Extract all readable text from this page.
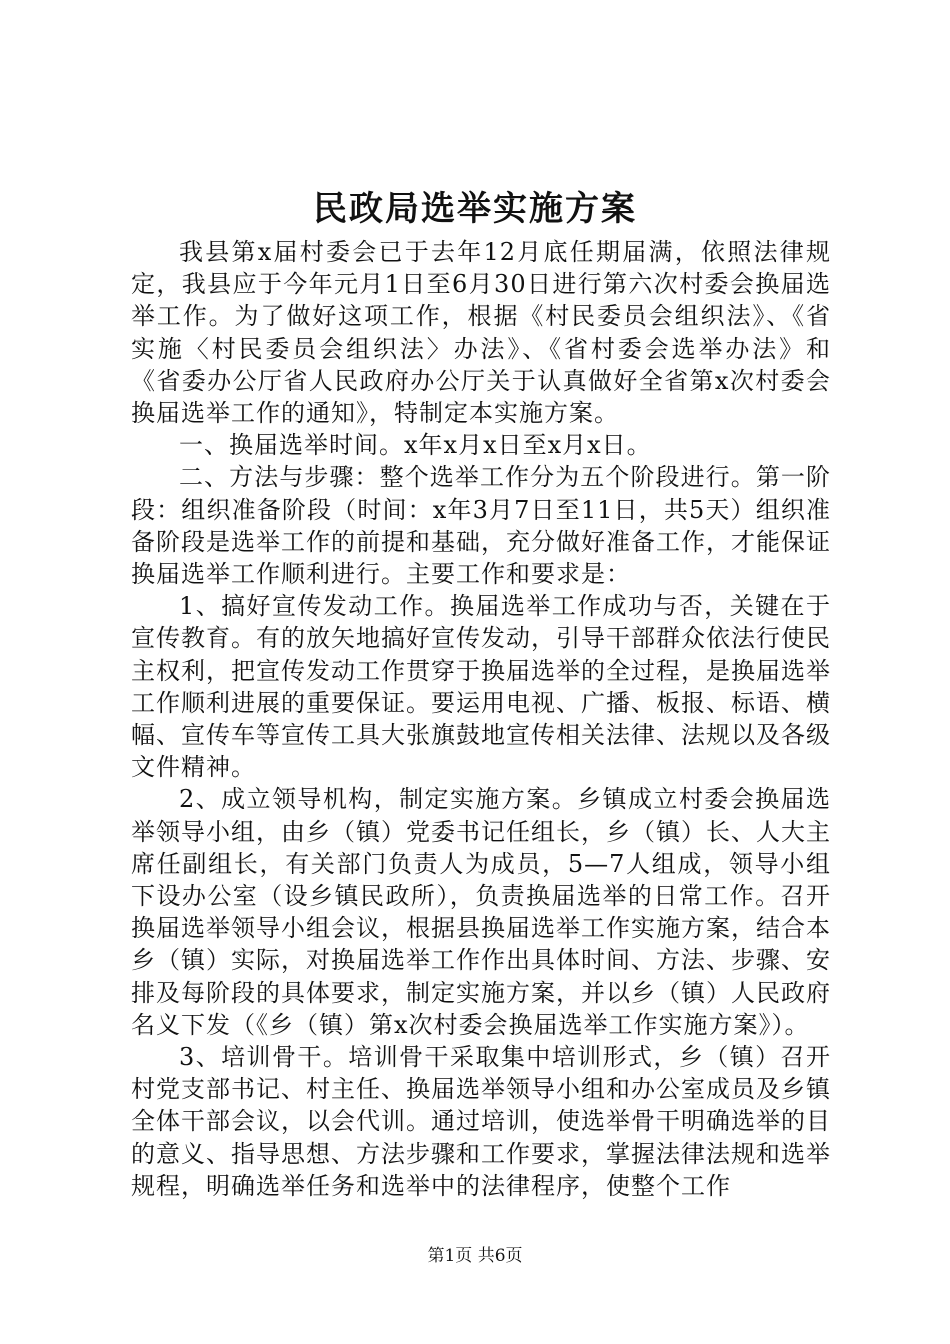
民政局选举实施方案

我县第x届村委会已于去年12月底任期届满，依照法律规定，我县应于今年元月1日至6月30日进行第六次村委会换届选举工作。为了做好这项工作，根据《村民委员会组织法》、《省实施〈村民委员会组织法〉办法》、《省村委会选举办法》和《省委办公厅省人民政府办公厅关于认真做好全省第x次村委会换届选举工作的通知》，特制定本实施方案。

一、换届选举时间。x年x月x日至x月x日。

二、方法与步骤：整个选举工作分为五个阶段进行。第一阶段：组织准备阶段（时间：x年3月7日至11日，共5天）组织准备阶段是选举工作的前提和基础，充分做好准备工作，才能保证换届选举工作顺利进行。主要工作和要求是：

1、搞好宣传发动工作。换届选举工作成功与否，关键在于宣传教育。有的放矢地搞好宣传发动，引导干部群众依法行使民主权利，把宣传发动工作贯穿于换届选举的全过程，是换届选举工作顺利进展的重要保证。要运用电视、广播、板报、标语、横幅、宣传车等宣传工具大张旗鼓地宣传相关法律、法规以及各级文件精神。

2、成立领导机构，制定实施方案。乡镇成立村委会换届选举领导小组，由乡（镇）党委书记任组长，乡（镇）长、人大主席任副组长，有关部门负责人为成员，5—7人组成，领导小组下设办公室（设乡镇民政所），负责换届选举的日常工作。召开换届选举领导小组会议，根据县换届选举工作实施方案，结合本乡（镇）实际，对换届选举工作作出具体时间、方法、步骤、安排及每阶段的具体要求，制定实施方案，并以乡（镇）人民政府名义下发（《乡（镇）第x次村委会换届选举工作实施方案》）。

3、培训骨干。培训骨干采取集中培训形式，乡（镇）召开村党支部书记、村主任、换届选举领导小组和办公室成员及乡镇全体干部会议，以会代训。通过培训，使选举骨干明确选举的目的意义、指导思想、方法步骤和工作要求，掌握法律法规和选举规程，明确选举任务和选举中的法律程序，使整个工作

第1页 共6页
